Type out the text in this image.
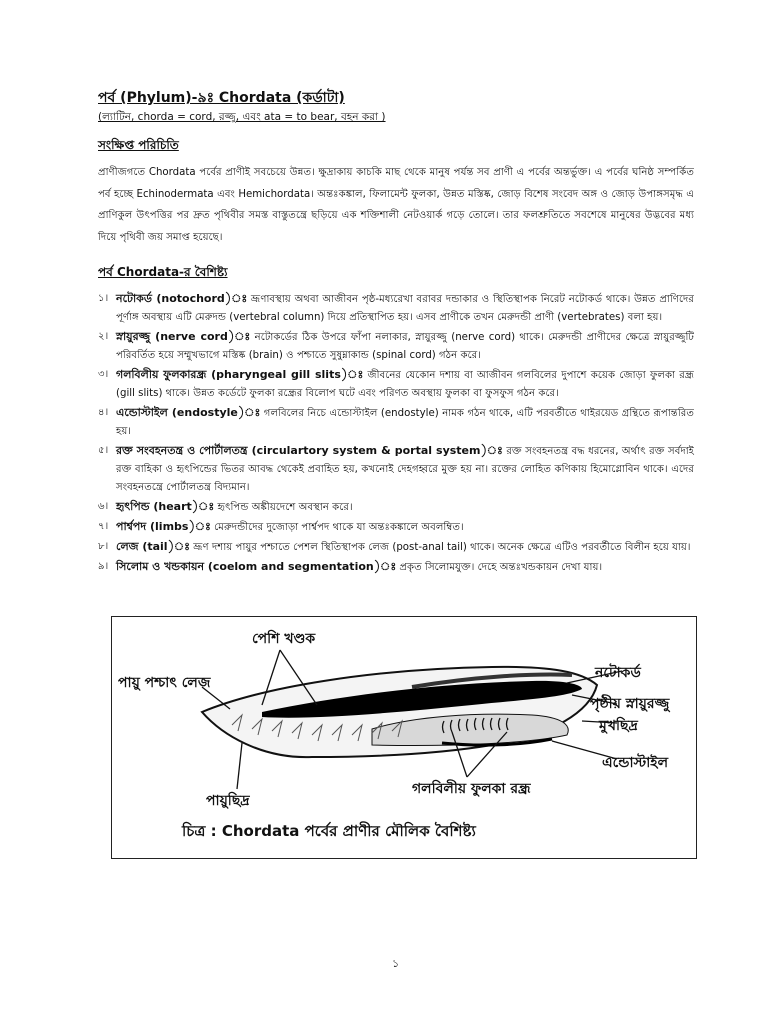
পর্ব (Phylum)-৯ঃ Chordata (কর্ডাটা)
(ল্যাটিন, chorda = cord, রজ্জু, এবং ata = to bear, বহন করা )
সংক্ষিপ্ত পরিচিতি
প্রাণীজগতে Chordata পর্বের প্রাণীই সবচেয়ে উন্নত। ক্ষুদ্রাকায় কাচকি মাছ থেকে মানুষ পর্যন্ত সব প্রাণী এ পর্বের অন্তর্ভুক্ত। এ পর্বের ঘনিষ্ঠ সম্পর্কিত পর্ব হচ্ছে Echinodermata এবং Hemichordata। অন্তঃকঙ্কাল, ফিলামেন্ট ফুলকা, উন্নত মস্তিষ্ক, জোড় বিশেষ সংবেদ অঙ্গ ও জোড় উপাঙ্গসমৃদ্ধ এ প্রাণিকুল উৎপত্তির পর দ্রুত পৃথিবীর সমস্ত বাস্তুতন্ত্রে ছড়িয়ে এক শক্তিশালী নেটওয়ার্ক গড়ে তোলে। তার ফলশ্রুতিতে সবশেষে মানুষের উদ্ভবের মধ্য দিয়ে পৃথিবী জয় সমাপ্ত হয়েছে।
পর্ব Chordata-র বৈশিষ্ট্য
১। নটোকর্ড (notochord)ঃ ভ্রূণাবস্থায় অথবা আজীবন পৃষ্ঠ-মধ্যরেখা বরাবর দন্ডাকার ও স্থিতিস্থাপক নিরেট নটোকর্ড থাকে। উন্নত প্রাণিদের পূর্ণাঙ্গ অবস্থায় এটি মেরুদন্ড (vertebral column) দিয়ে প্রতিস্থাপিত হয়। এসব প্রাণীকে তখন মেরুদন্ডী প্রাণী (vertebrates) বলা হয়।
২। স্নায়ুরজ্জু (nerve cord)ঃ নটোকর্ডের ঠিক উপরে ফাঁপা নলাকার, স্নায়ুরজ্জু (nerve cord) থাকে। মেরুদন্ডী প্রাণীদের ক্ষেত্রে স্নায়ুরজ্জুটি পরিবর্তিত হয়ে সম্মুখভাগে মস্তিষ্ক (brain) ও পশ্চাতে সুষুম্নাকান্ড (spinal cord) গঠন করে।
৩। গলবিলীয় ফুলকারন্ধ্র (pharyngeal gill slits)ঃ জীবনের যেকোন দশায় বা আজীবন গলবিলের দুপাশে কয়েক জোড়া ফুলকা রন্ধ্র (gill slits) থাকে। উন্নত কর্ডেটে ফুলকা রন্ধ্রের বিলোপ ঘটে এবং পরিণত অবস্থায় ফুলকা বা ফুসফুস গঠন করে।
৪। এন্ডোস্টাইল (endostyle)ঃ গলবিলের নিচে এন্ডোস্টাইল (endostyle) নামক গঠন থাকে, এটি পরবর্তীতে থাইরয়েড গ্রন্থিতে রূপান্তরিত হয়।
৫। রক্ত সংবহনতন্ত্র ও পোর্টালতন্ত্র (circulartory system & portal system)ঃ রক্ত সংবহনতন্ত্র বদ্ধ ধরনের, অর্থাৎ রক্ত সর্বদাই রক্ত বাহিকা ও হৃৎপিন্ডের ভিতর আবদ্ধ থেকেই প্রবাহিত হয়, কখনোই দেহগহ্বরে মুক্ত হয় না। রক্তের লোহিত কণিকায় হিমোগ্লোবিন থাকে। এদের সংবহনতন্ত্রে পোর্টালতন্ত্র বিদ্যমান।
৬। হৃৎপিন্ড (heart)ঃ হৃৎপিন্ড অঙ্কীয়দেশে অবস্থান করে।
৭। পার্শ্বপদ (limbs)ঃ মেরুদন্ডীদের দুজোড়া পার্শ্বপদ থাকে যা অন্তঃকঙ্কালে অবলম্বিত।
৮। লেজ (tail)ঃ ভ্রূণ দশায় পায়ুর পশ্চাতে পেশল স্থিতিস্থাপক লেজ (post-anal tail) থাকে। অনেক ক্ষেত্রে এটিও পরবর্তীতে বিলীন হয়ে যায়।
৯। সিলোম ও খন্ডকায়ন (coelom and segmentation)ঃ প্রকৃত সিলোমযুক্ত। দেহে অন্তঃখন্ডকায়ন দেখা যায়।
পেশি খণ্ডক
পায়ু পশ্চাৎ লেজ
নটোকর্ড
পৃষ্ঠীয় স্নায়ুরজ্জু
মুখছিদ্র
এন্ডোস্টাইল
পায়ুছিদ্র
গলবিলীয় ফুলকা রন্ধ্র
চিত্র : Chordata পর্বের প্রাণীর মৌলিক বৈশিষ্ট্য
১
